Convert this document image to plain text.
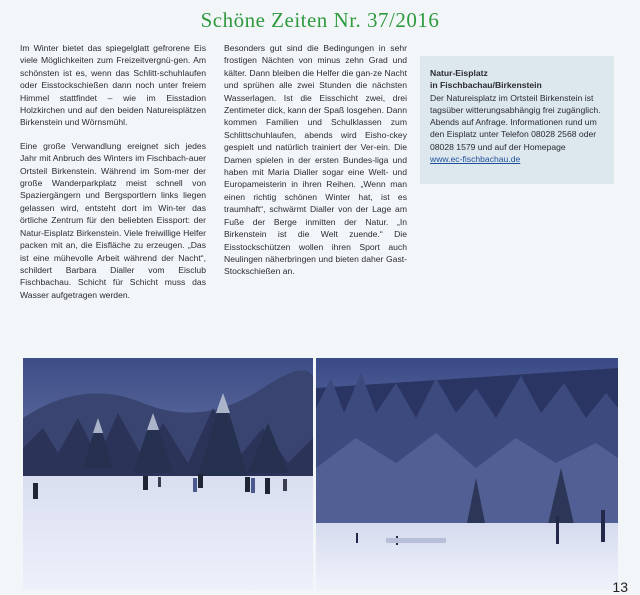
Schöne Zeiten Nr. 37/2016

Im Winter bietet das spiegelglatt gefrorene Eis viele Möglichkeiten zum Freizeitvergnü-gen. Am schönsten ist es, wenn das Schlitt-schuhlaufen oder Eisstockschießen dann noch unter freiem Himmel stattfindet – wie im Eisstadion Holzkirchen und auf den beiden Natureisplätzen Birkenstein und Wörnsmühl.

Eine große Verwandlung ereignet sich jedes Jahr mit Anbruch des Winters im Fischbach-auer Ortsteil Birkenstein. Während im Som-mer der große Wanderparkplatz meist schnell von Spaziergängern und Bergsportlern links liegen gelassen wird, entsteht dort im Win-ter das örtliche Zentrum für den beliebten Eissport: der Natur-Eisplatz Birkenstein. Viele freiwillige Helfer packen mit an, die Eisfläche zu erzeugen. „Das ist eine mühevolle Arbeit während der Nacht“, schildert Barbara Dialler vom Eisclub Fischbachau. Schicht für Schicht muss das Wasser aufgetragen werden.

Besonders gut sind die Bedingungen in sehr frostigen Nächten von minus zehn Grad und kälter. Dann bleiben die Helfer die gan-ze Nacht und sprühen alle zwei Stunden die nächsten Wasserlagen. Ist die Eisschicht zwei, drei Zentimeter dick, kann der Spaß losgehen. Dann kommen Familien und Schulklassen zum Schlittschuhlaufen, abends wird Eisho-ckey gespielt und natürlich trainiert der Ver-ein. Die Damen spielen in der ersten Bundes-liga und haben mit Maria Dialler sogar eine Welt- und Europameisterin in ihren Reihen. „Wenn man einen richtig schönen Winter hat, ist es traumhaft“, schwärmt Dialler von der Lage am Fuße der Berge inmitten der Natur. „In Birkenstein ist die Welt zuende.“ Die Eisstockschützen wollen ihren Sport auch Neulingen näherbringen und bieten daher Gast-Stockschießen an.

Natur-Eisplatz
in Fischbachau/Birkenstein
Der Natureisplatz im Ortsteil Birkenstein ist tagsüber witterungsabhängig frei zugänglich. Abends auf Anfrage. Informationen rund um den Eisplatz unter Telefon 08028 2568 oder 08028 1579 und auf der Homepage
www.ec-fischbachau.de
13
